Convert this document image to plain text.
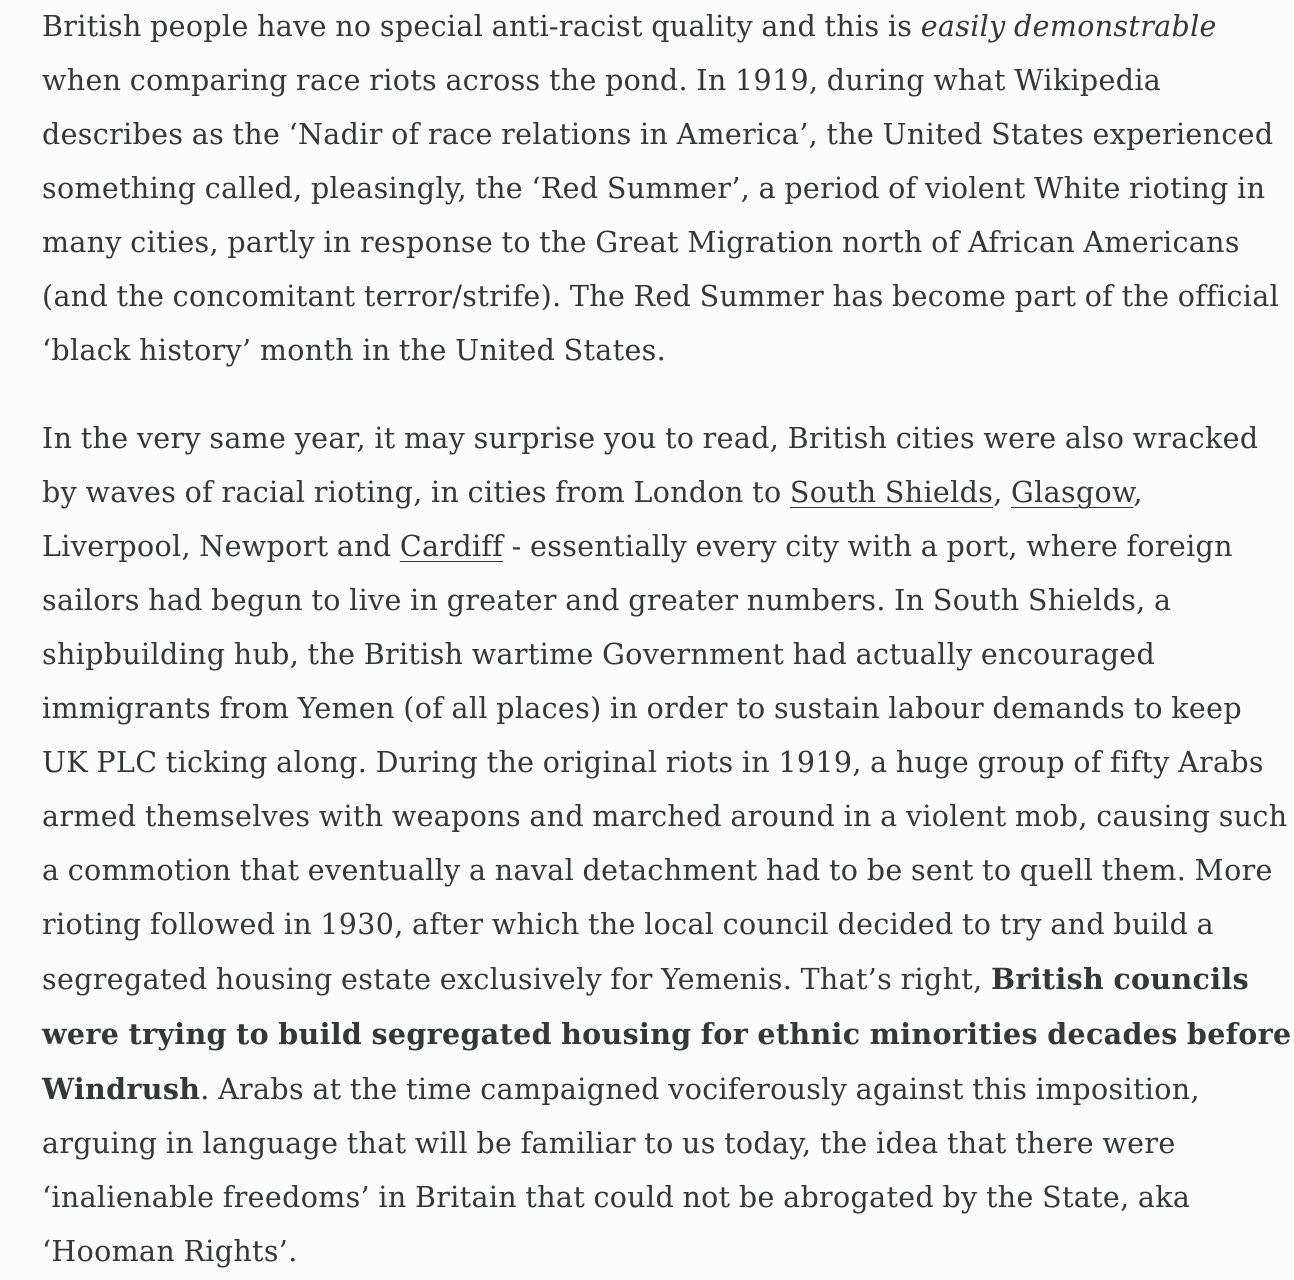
British people have no special anti-racist quality and this is easily demonstrable when comparing race riots across the pond. In 1919, during what Wikipedia describes as the ‘Nadir of race relations in America’, the United States experienced something called, pleasingly, the ‘Red Summer’, a period of violent White rioting in many cities, partly in response to the Great Migration north of African Americans (and the concomitant terror/strife). The Red Summer has become part of the official ‘black history’ month in the United States.

In the very same year, it may surprise you to read, British cities were also wracked by waves of racial rioting, in cities from London to South Shields, Glasgow, Liverpool, Newport and Cardiff - essentially every city with a port, where foreign sailors had begun to live in greater and greater numbers. In South Shields, a shipbuilding hub, the British wartime Government had actually encouraged immigrants from Yemen (of all places) in order to sustain labour demands to keep UK PLC ticking along. During the original riots in 1919, a huge group of fifty Arabs armed themselves with weapons and marched around in a violent mob, causing such a commotion that eventually a naval detachment had to be sent to quell them. More rioting followed in 1930, after which the local council decided to try and build a segregated housing estate exclusively for Yemenis. That’s right, British councils were trying to build segregated housing for ethnic minorities decades before Windrush. Arabs at the time campaigned vociferously against this imposition, arguing in language that will be familiar to us today, the idea that there were ‘inalienable freedoms’ in Britain that could not be abrogated by the State, aka ‘Hooman Rights’.
